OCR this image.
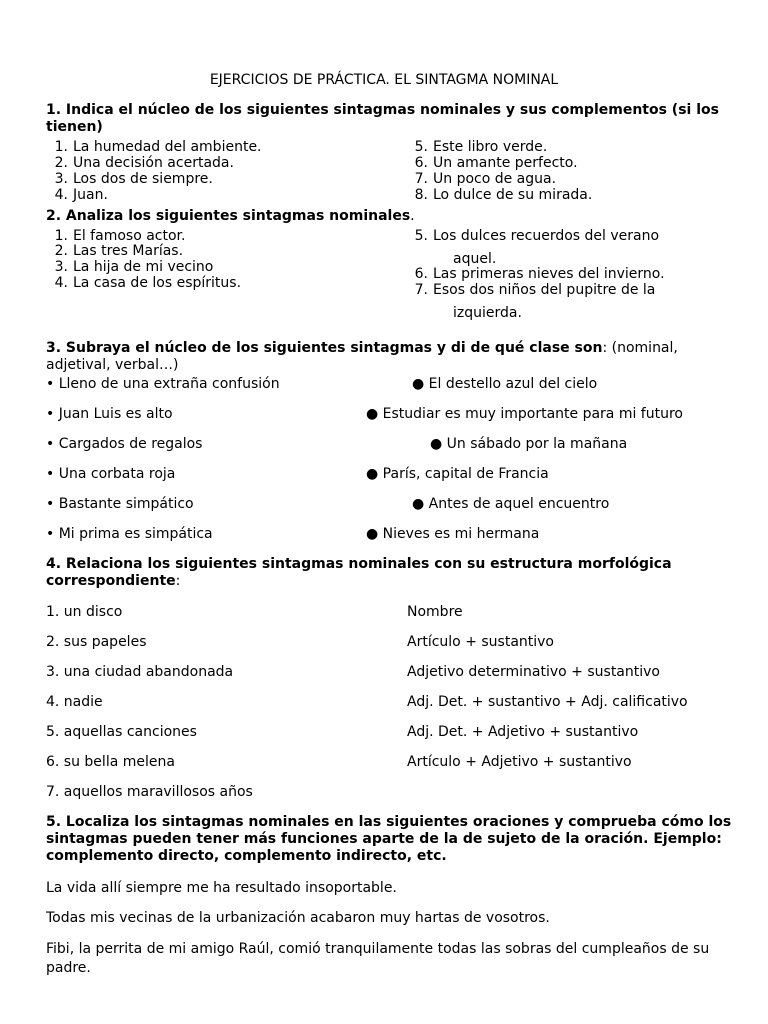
EJERCICIOS DE PRÁCTICA. EL SINTAGMA NOMINAL
1. Indica el núcleo de los siguientes sintagmas nominales y sus complementos (si los tienen)
1. La humedad del ambiente.
2. Una decisión acertada.
3. Los dos de siempre.
4. Juan.
5. Este libro verde.
6. Un amante perfecto.
7. Un poco de agua.
8. Lo dulce de su mirada.
2. Analiza los siguientes sintagmas nominales.
1. El famoso actor.
2. Las tres Marías.
3. La hija de mi vecino
4. La casa de los espíritus.
5. Los dulces recuerdos del verano
aquel.
6. Las primeras nieves del invierno.
7. Esos dos niños del pupitre de la
izquierda.
3. Subraya el núcleo de los siguientes sintagmas y di de qué clase son: (nominal, adjetival, verbal…)
• Lleno de una extraña confusión
• Juan Luis es alto
• Cargados de regalos
• Una corbata roja
• Bastante simpático
• Mi prima es simpática
● El destello azul del cielo
● Estudiar es muy importante para mi futuro
● Un sábado por la mañana
● París, capital de Francia
● Antes de aquel encuentro
● Nieves es mi hermana
4. Relaciona los siguientes sintagmas nominales con su estructura morfológica correspondiente:
1. un disco
2. sus papeles
3. una ciudad abandonada
4. nadie
5. aquellas canciones
6. su bella melena
7. aquellos maravillosos años
Nombre
Artículo + sustantivo
Adjetivo determinativo + sustantivo
Adj. Det. + sustantivo + Adj. calificativo
Adj. Det. + Adjetivo + sustantivo
Artículo + Adjetivo + sustantivo
5. Localiza los sintagmas nominales en las siguientes oraciones y comprueba cómo los sintagmas pueden tener más funciones aparte de la de sujeto de la oración. Ejemplo: complemento directo, complemento indirecto, etc.
La vida allí siempre me ha resultado insoportable.
Todas mis vecinas de la urbanización acabaron muy hartas de vosotros.
Fibi, la perrita de mi amigo Raúl, comió tranquilamente todas las sobras del cumpleaños de su padre.
